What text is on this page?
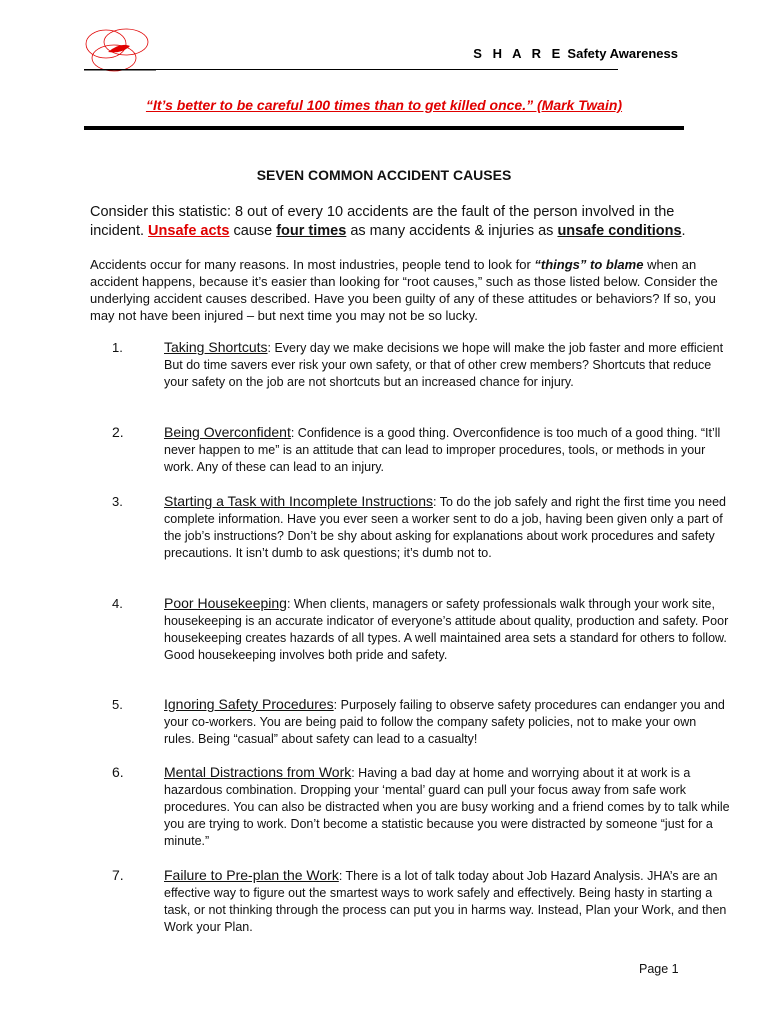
S H A R E Safety Awareness
“It’s better to be careful 100 times than to get killed once.” (Mark Twain)
SEVEN COMMON ACCIDENT CAUSES
Consider this statistic: 8 out of every 10 accidents are the fault of the person involved in the incident. Unsafe acts cause four times as many accidents & injuries as unsafe conditions.
Accidents occur for many reasons. In most industries, people tend to look for “things” to blame when an accident happens, because it’s easier than looking for “root causes,” such as those listed below. Consider the underlying accident causes described. Have you been guilty of any of these attitudes or behaviors? If so, you may not have been injured – but next time you may not be so lucky.
1.	Taking Shortcuts: Every day we make decisions we hope will make the job faster and more efficient But do time savers ever risk your own safety, or that of other crew members? Shortcuts that reduce your safety on the job are not shortcuts but an increased chance for injury.
2.	Being Overconfident: Confidence is a good thing. Overconfidence is too much of a good thing. “It’ll never happen to me” is an attitude that can lead to improper procedures, tools, or methods in your work. Any of these can lead to an injury.
3.	Starting a Task with Incomplete Instructions: To do the job safely and right the first time you need complete information. Have you ever seen a worker sent to do a job, having been given only a part of the job’s instructions? Don’t be shy about asking for explanations about work procedures and safety precautions. It isn’t dumb to ask questions; it’s dumb not to.
4.	Poor Housekeeping: When clients, managers or safety professionals walk through your work site, housekeeping is an accurate indicator of everyone’s attitude about quality, production and safety. Poor housekeeping creates hazards of all types. A well maintained area sets a standard for others to follow. Good housekeeping involves both pride and safety.
5.	Ignoring Safety Procedures: Purposely failing to observe safety procedures can endanger you and your co-workers. You are being paid to follow the company safety policies, not to make your own rules. Being “casual” about safety can lead to a casualty!
6.	Mental Distractions from Work: Having a bad day at home and worrying about it at work is a hazardous combination. Dropping your ‘mental’ guard can pull your focus away from safe work procedures. You can also be distracted when you are busy working and a friend comes by to talk while you are trying to work. Don’t become a statistic because you were distracted by someone “just for a minute.”
7.	Failure to Pre-plan the Work: There is a lot of talk today about Job Hazard Analysis. JHA’s are an effective way to figure out the smartest ways to work safely and effectively. Being hasty in starting a task, or not thinking through the process can put you in harms way. Instead, Plan your Work, and then Work your Plan.
Page 1
